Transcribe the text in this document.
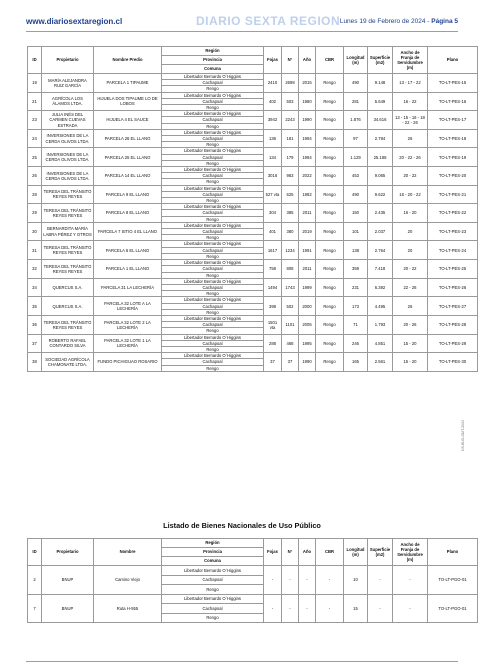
www.diariosextaregion.cl	DIARIO SEXTA REGION Lunes 19 de Febrero de 2024 - Página 5
ID	Propietario	Nombre Predio	Región	Fojas	N°	Año	CBR	Longitud (m)	Superficie (m2)	Ancho de Franja de Servidumbre (m)	Plano
			Provincia								
			Comuna								
19	MARÍA ALEJANDRA RUIZ GARCÍA	PARCELA 1 TIPAUME	Libertador Bernardo O´Higgins	2410	2698	2015	Rengo	490	9.148	13 - 17 - 22	TO-LT-PES-15
			Cachapoal								
			Rengo								
21	AGRÍCOLA LOS ÁLAMOS LTDA.	HIJUELA DOS TIPAUME LO DE LOBOS	Libertador Bernardo O´Higgins	402	503	1980	Rengo	281	5.649	16 - 22	TO-LT-PES-16
			Cachapoal								
			Rengo								
23	JULIA INÉS DEL CARMEN CUEVAS ESTRADA	HIJUELA 4 EL SAUCE	Libertador Bernardo O´Higgins	3942	2243	1990	Rengo	1.876	34.616	13 - 15 - 16 - 18 - 22 - 26	TO-LT-PES-17
			Cachapoal								
			Rengo								
24	INVERSIONES DE LA CERDA OLIVOS LTDA.	PARCELA 26 EL LLANO	Libertador Bernardo O´Higgins	136	181	1994	Rengo	97	2.784	26	TO-LT-PES-18
			Cachapoal								
			Rengo								
25	INVERSIONES DE LA CERDA OLIVOS LTDA.	PARCELA 25 EL LLANO	Libertador Bernardo O´Higgins	134	179	1994	Rengo	1.129	25.188	20 - 22 - 26	TO-LT-PES-19
			Cachapoal								
			Rengo								
26	INVERSIONES DE LA CERDA OLIVOS LTDA.	PARCELA 14 EL LLANO	Libertador Bernardo O´Higgins	3016	983	2022	Rengo	453	9.065	20 - 22	TO-LT-PES-20
			Cachapoal								
			Rengo								
28	TERESA DEL TRÁNSITO REYES REYES	PARCELA 9 EL LLANO	Libertador Bernardo O´Higgins	527 vta	625	1982	Rengo	490	9.622	16 - 20 - 22	TO-LT-PES-21
			Cachapoal								
			Rengo								
29	TERESA DEL TRÁNSITO REYES REYES	PARCELA 8 EL LLANO	Libertador Bernardo O´Higgins	304	385	2011	Rengo	150	2.435	16 - 20	TO-LT-PES-22
			Cachapoal								
			Rengo								
30	BERNARDITA MARÍA LABRA PÉREZ Y OTROS	PARCELA 7 SITIO 4 EL LLANO	Libertador Bernardo O´Higgins	401	380	2019	Rengo	101	2.037	20	TO-LT-PES-23
			Cachapoal								
			Rengo								
31	TERESA DEL TRÁNSITO REYES REYES	PARCELA 6 EL LLANO	Libertador Bernardo O´Higgins	1617	1234	1991	Rengo	138	2.764	20	TO-LT-PES-24
			Cachapoal								
			Rengo								
32	TERESA DEL TRÁNSITO REYES REYES	PARCELA 1 EL LLANO	Libertador Bernardo O´Higgins	758	808	2011	Rengo	359	7.418	20 - 22	TO-LT-PES-25
			Cachapoal								
			Rengo								
34	QUERCUS S.A.	PARCELA 31 LA LECHERÍA	Libertador Bernardo O´Higgins	1494	1743	1999	Rengo	231	6.392	22 - 26	TO-LT-PES-26
			Cachapoal								
			Rengo								
35	QUERCUS S.A.	PARCELA 32 LOTE A LA LECHERÍA	Libertador Bernardo O´Higgins	398	502	2000	Rengo	173	4.495	26	TO-LT-PES-27
			Cachapoal								
			Rengo								
36	TERESA DEL TRÁNSITO REYES REYES	PARCELA 32 LOTE 2 LA LECHERÍA	Libertador Bernardo O´Higgins	1501 vta	1101	2005	Rengo	71	1.793	20 - 26	TO-LT-PES-28
			Cachapoal								
			Rengo								
37	ROBERTO RAFAEL CONTARDO SILVA	PARCELA 32 LOTE 1 LA LECHERÍA	Libertador Bernardo O´Higgins	288	468	1995	Rengo	246	4.851	15 - 20	TO-LT-PES-29
			Cachapoal								
			Rengo								
38	SOCIEDAD AGRÍCOLA CHAMONATE LTDA.	FUNDO PICHIGUAO ROSARIO	Libertador Bernardo O´Higgins	37	37	1990	Rengo	165	2.561	15 - 20	TO-LT-PES-30
			Cachapoal								
			Rengo								
Listado de Bienes Nacionales de Uso Público
ID	Propietario	Nombre	Región	Fojas	N°	Año	CBR	Longitud (m)	Superficie (m2)	Ancho de Franja de Servidumbre (m)	Plano
			Provincia								
			Comuna								
2	BNUP	Camino Viejo	Libertador Bernardo O´Higgins	-	-	-	-	10	-	-	TO-LT-PGO-01
			Cachapoal								
			Rengo								
7	BNUP	Ruta H-555	Libertador Bernardo O´Higgins	-	-	-	-	15	-	-	TO-LT-PGO-01
			Cachapoal								
			Rengo								
OS-BUS-OMT-2024
